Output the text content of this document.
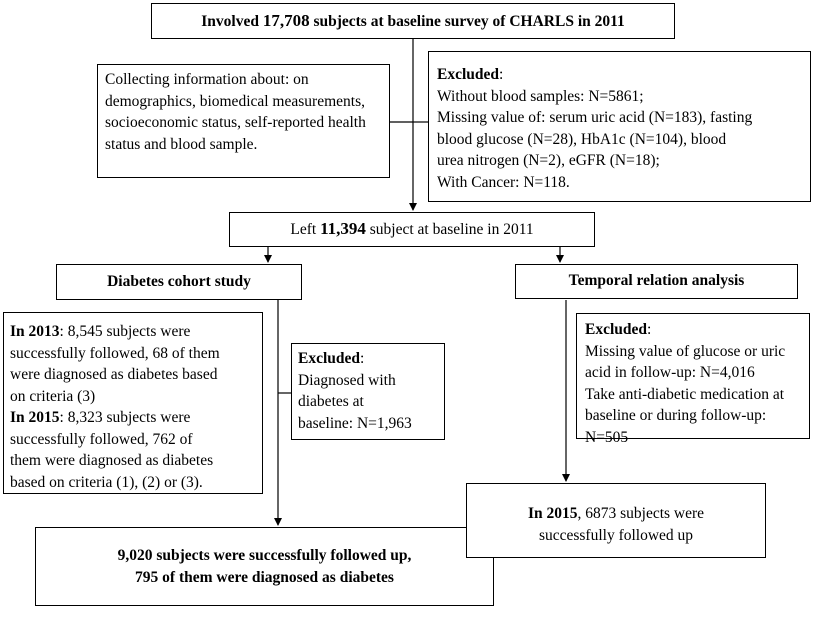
Involved 17,708 subjects at baseline survey of CHARLS in 2011
Collecting information about: on demographics, biomedical measurements, socioeconomic status, self-reported health status and blood sample.
Excluded:
Without blood samples: N=5861;
Missing value of: serum uric acid (N=183), fasting
blood glucose (N=28), HbA1c (N=104), blood
urea nitrogen (N=2), eGFR (N=18);
With Cancer: N=118.
Left 11,394 subject at baseline in 2011
Diabetes cohort study	Temporal relation analysis
In 2013: 8,545 subjects were
successfully followed, 68 of them
were diagnosed as diabetes based
on criteria (3)
In 2015: 8,323 subjects were
successfully followed, 762 of
them were diagnosed as diabetes
based on criteria (1), (2) or (3).
Excluded:
Diagnosed with
diabetes at
baseline: N=1,963
Excluded:
Missing value of glucose or uric
acid in follow-up: N=4,016
Take anti-diabetic medication at
baseline or during follow-up:
N=505
9,020 subjects were successfully followed up,
795 of them were diagnosed as diabetes
In 2015, 6873 subjects were
successfully followed up
